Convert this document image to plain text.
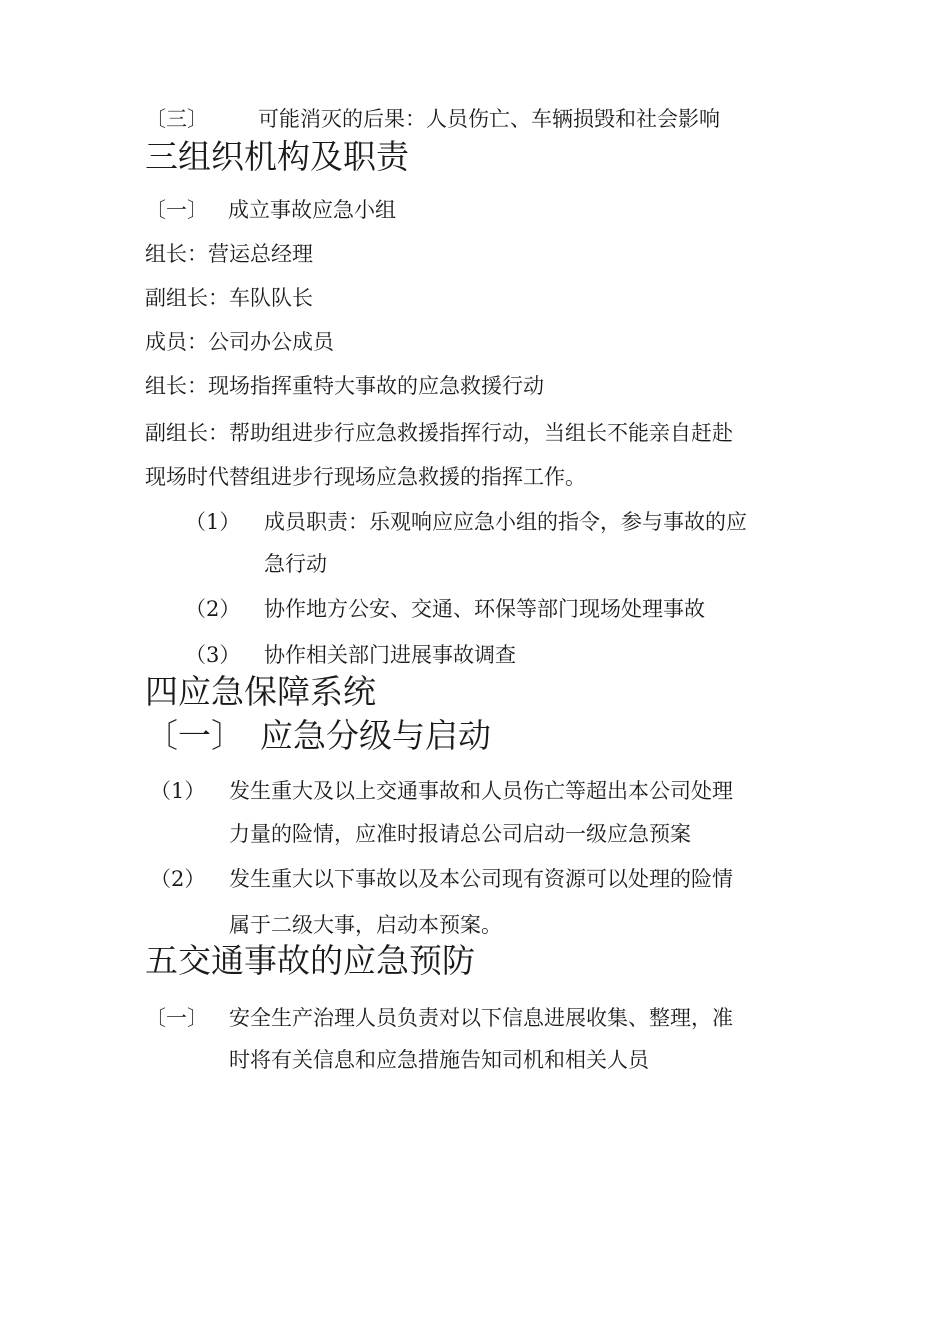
〔三〕 可能消灭的后果：人员伤亡、车辆损毁和社会影响
三组织机构及职责
〔一〕 成立事故应急小组
组长：营运总经理
副组长：车队队长
成员：公司办公成员
组长：现场指挥重特大事故的应急救援行动
副组长：帮助组进步行应急救援指挥行动，当组长不能亲自赶赴
现场时代替组进步行现场应急救援的指挥工作。
（1） 成员职责：乐观响应应急小组的指令，参与事故的应
急行动
（2） 协作地方公安、交通、环保等部门现场处理事故
（3） 协作相关部门进展事故调查
四应急保障系统
〔一〕 应急分级与启动
（1） 发生重大及以上交通事故和人员伤亡等超出本公司处理
力量的险情，应准时报请总公司启动一级应急预案
（2） 发生重大以下事故以及本公司现有资源可以处理的险情
属于二级大事，启动本预案。
五交通事故的应急预防
〔一〕 安全生产治理人员负责对以下信息进展收集、整理，准
时将有关信息和应急措施告知司机和相关人员
